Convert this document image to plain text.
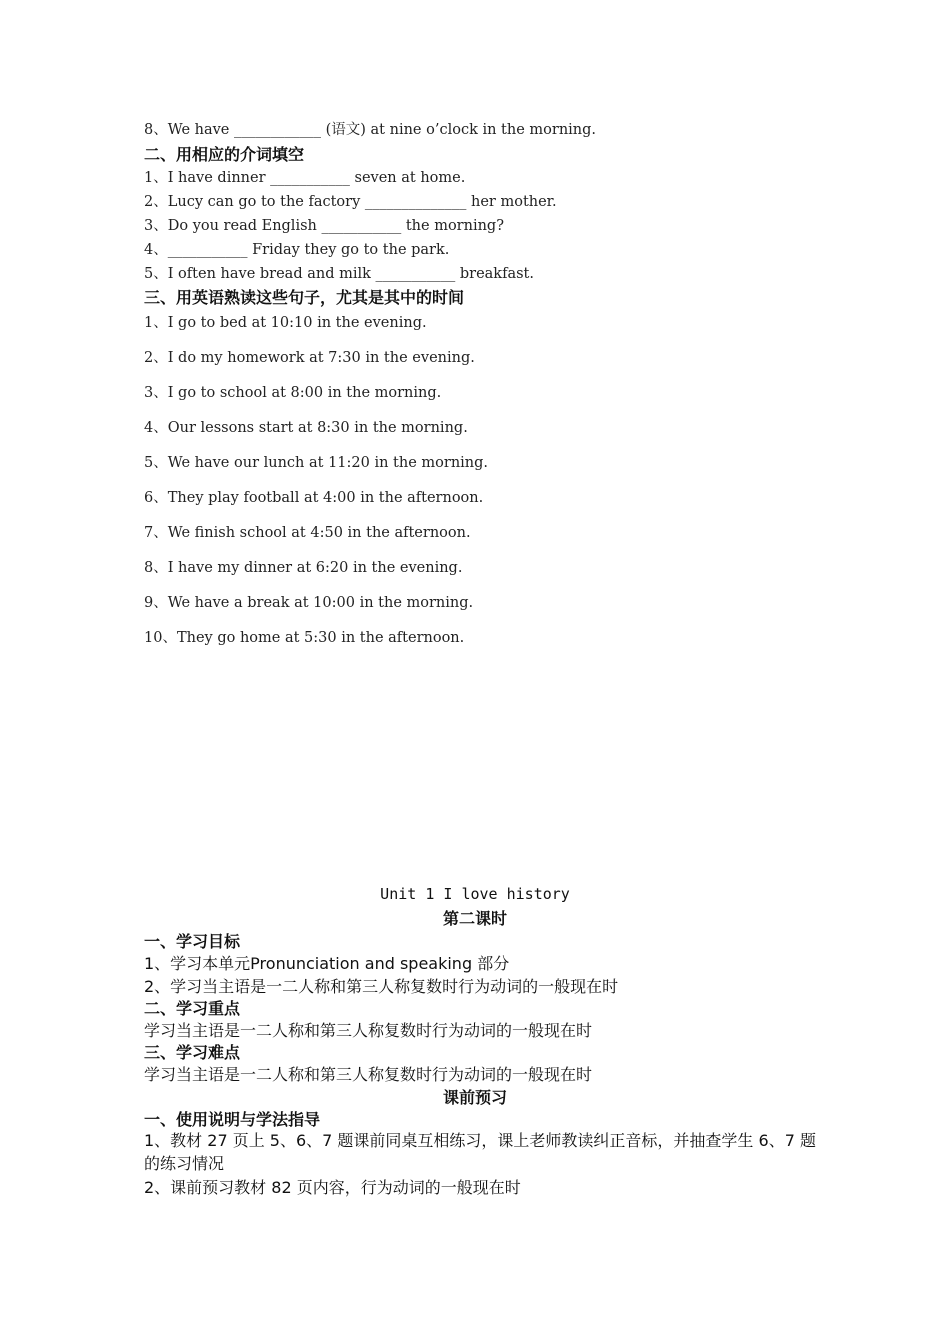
8、We have ____________ (语文) at nine o’clock in the morning.
二、用相应的介词填空
1、I have dinner ___________ seven at home.
2、Lucy can go to the factory ______________ her mother.
3、Do you read English ___________ the morning?
4、___________ Friday they go to the park.
5、I often have bread and milk ___________ breakfast.
三、用英语熟读这些句子，尤其是其中的时间
1、I go to bed at 10:10 in the evening.
2、I do my homework at 7:30 in the evening.
3、I go to school at 8:00 in the morning.
4、Our lessons start at 8:30 in the morning.
5、We have our lunch at 11:20 in the morning.
6、They play football at 4:00 in the afternoon.
7、We finish school at 4:50 in the afternoon.
8、I have my dinner at 6:20 in the evening.
9、We have a break at 10:00 in the morning.
10、They go home at 5:30 in the afternoon.
Unit 1 I love history
第二课时
一、学习目标
1、学习本单元Pronunciation and speaking 部分
2、学习当主语是一二人称和第三人称复数时行为动词的一般现在时
二、学习重点
学习当主语是一二人称和第三人称复数时行为动词的一般现在时
三、学习难点
学习当主语是一二人称和第三人称复数时行为动词的一般现在时
课前预习
一、使用说明与学法指导
1、教材 27 页上 5、6、7 题课前同桌互相练习，课上老师教读纠正音标，并抽查学生 6、7 题的练习情况
2、课前预习教材 82 页内容，行为动词的一般现在时
